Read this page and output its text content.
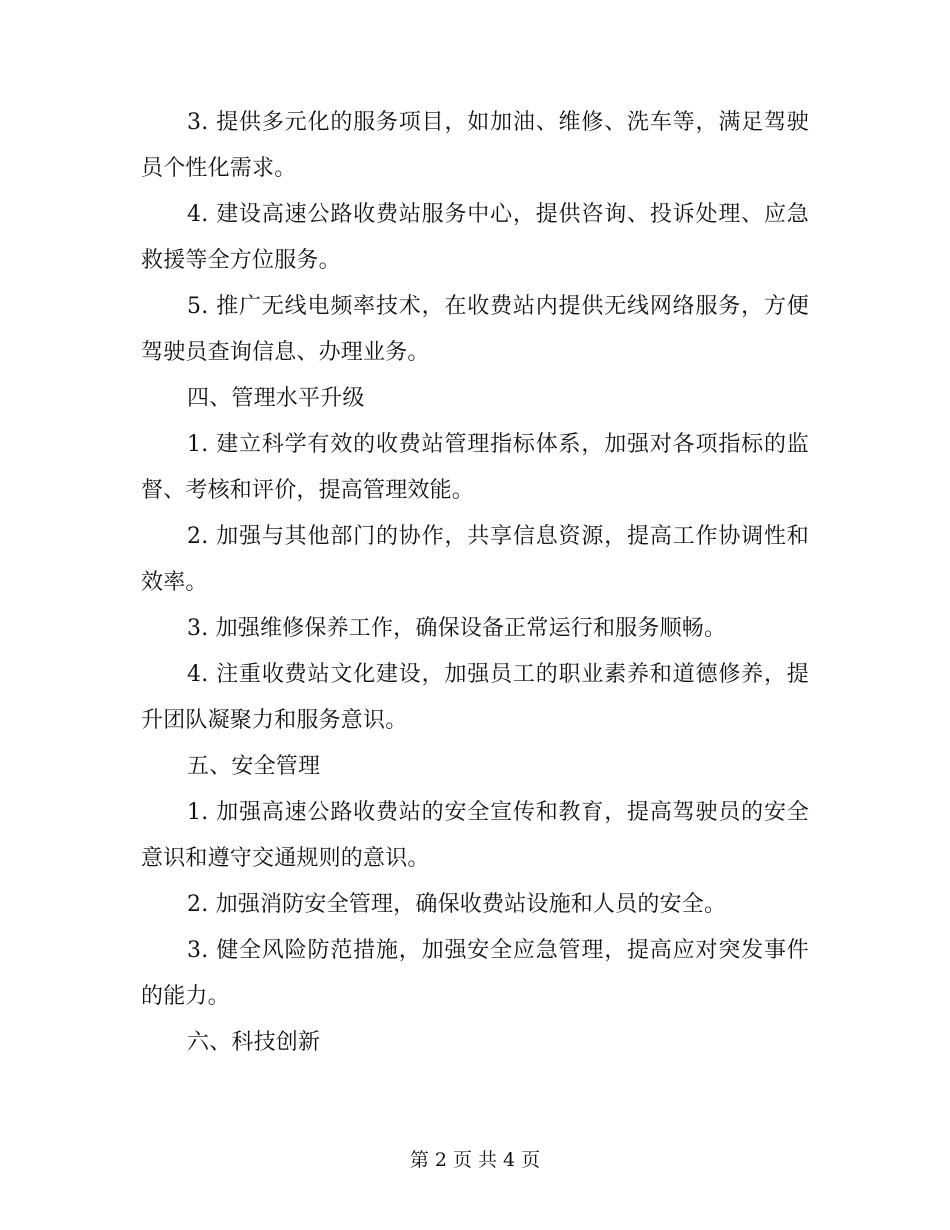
3. 提供多元化的服务项目，如加油、维修、洗车等，满足驾驶员个性化需求。

4. 建设高速公路收费站服务中心，提供咨询、投诉处理、应急救援等全方位服务。

5. 推广无线电频率技术，在收费站内提供无线网络服务，方便驾驶员查询信息、办理业务。

四、管理水平升级

1. 建立科学有效的收费站管理指标体系，加强对各项指标的监督、考核和评价，提高管理效能。

2. 加强与其他部门的协作，共享信息资源，提高工作协调性和效率。

3. 加强维修保养工作，确保设备正常运行和服务顺畅。

4. 注重收费站文化建设，加强员工的职业素养和道德修养，提升团队凝聚力和服务意识。

五、安全管理

1. 加强高速公路收费站的安全宣传和教育，提高驾驶员的安全意识和遵守交通规则的意识。

2. 加强消防安全管理，确保收费站设施和人员的安全。

3. 健全风险防范措施，加强安全应急管理，提高应对突发事件的能力。

六、科技创新

第 2 页 共 4 页
